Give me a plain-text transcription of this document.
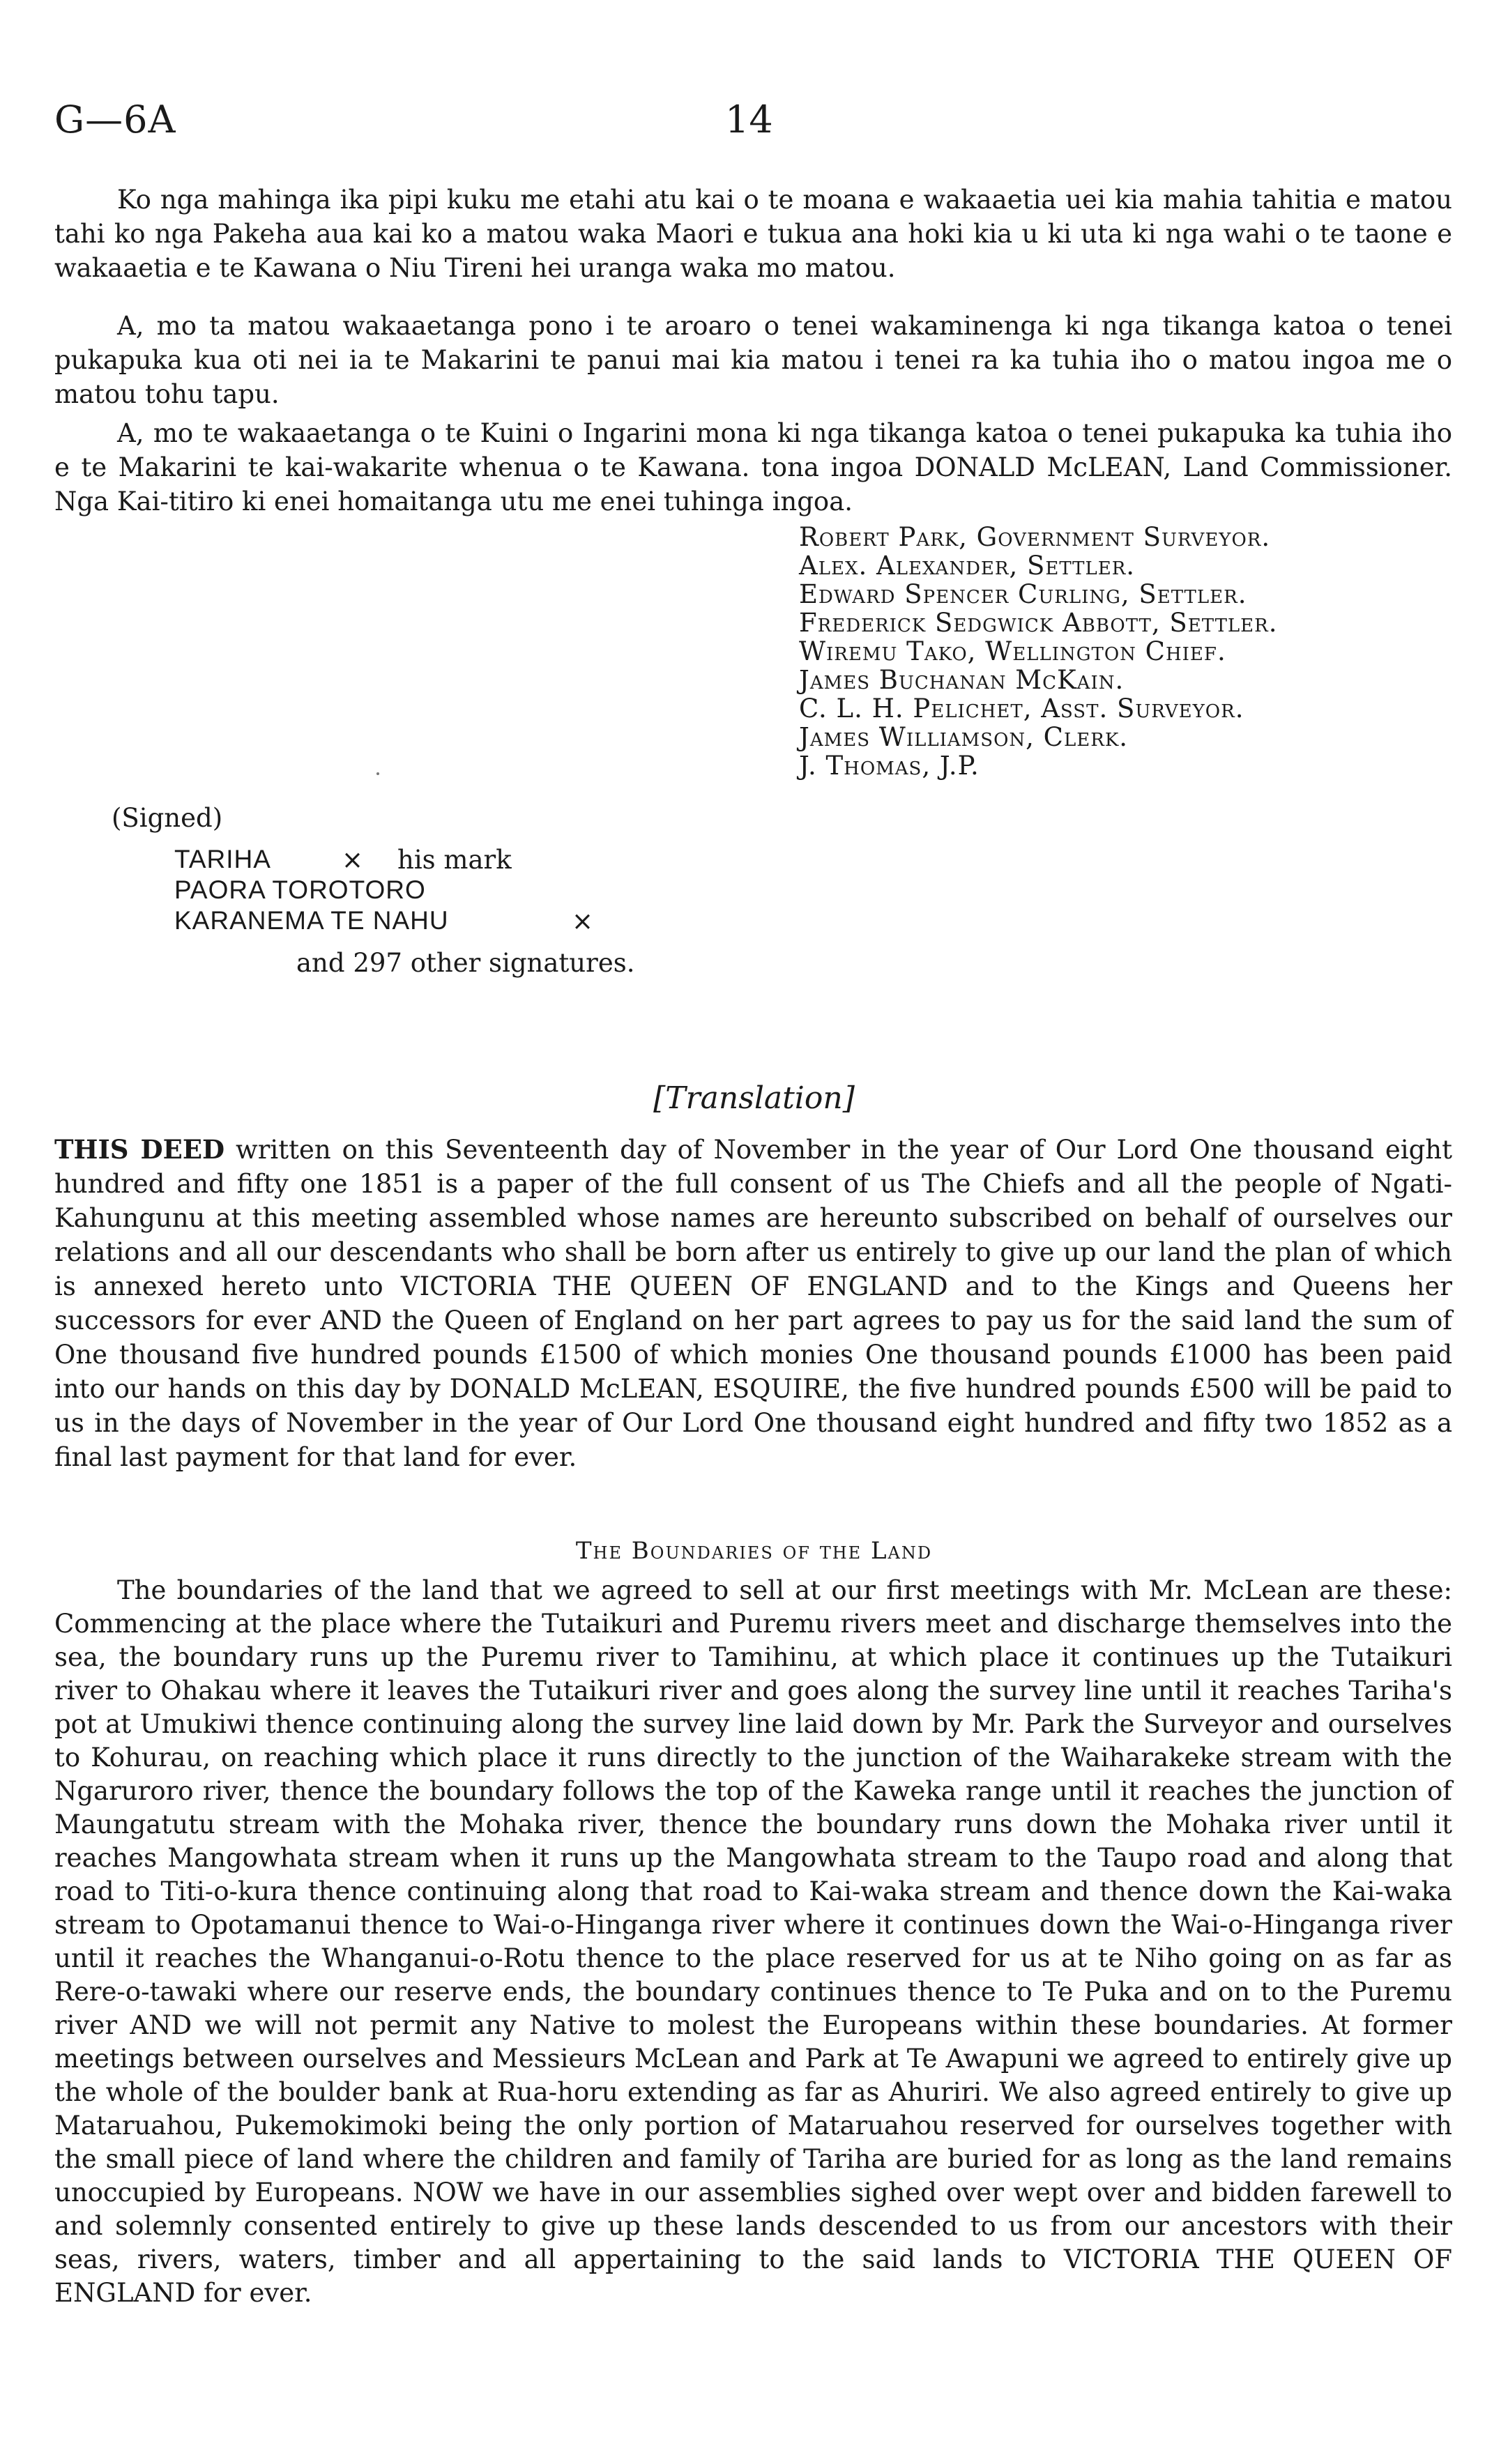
G—6A	14

Ko nga mahinga ika pipi kuku me etahi atu kai o te moana e wakaaetia uei kia mahia tahitia e matou tahi ko nga Pakeha aua kai ko a matou waka Maori e tukua ana hoki kia u ki uta ki nga wahi o te taone e wakaaetia e te Kawana o Niu Tireni hei uranga waka mo matou.

A, mo ta matou wakaaetanga pono i te aroaro o tenei wakaminenga ki nga tikanga katoa o tenei pukapuka kua oti nei ia te Makarini te panui mai kia matou i tenei ra ka tuhia iho o matou ingoa me o matou tohu tapu.

A, mo te wakaaetanga o te Kuini o Ingarini mona ki nga tikanga katoa o tenei pukapuka ka tuhia iho e te Makarini te kai-wakarite whenua o te Kawana. tona ingoa DONALD McLEAN, Land Commissioner. Nga Kai-titiro ki enei homaitanga utu me enei tuhinga ingoa.

Robert Park, Government Surveyor.
Alex. Alexander, Settler.
Edward Spencer Curling, Settler.
Frederick Sedgwick Abbott, Settler.
Wiremu Tako, Wellington Chief.
James Buchanan McKain.
C. L. H. Pelichet, Asst. Surveyor.
James Williamson, Clerk.
J. Thomas, J.P.
(Signed)
TARIHA	× his mark
PAORA TOROTORO
KARANEMA TE NAHU	×
and 297 other signatures.
[Translation]

THIS DEED written on this Seventeenth day of November in the year of Our Lord One thousand eight hundred and fifty one 1851 is a paper of the full consent of us The Chiefs and all the people of Ngati-Kahungunu at this meeting assembled whose names are hereunto subscribed on behalf of ourselves our relations and all our descendants who shall be born after us entirely to give up our land the plan of which is annexed hereto unto VICTORIA THE QUEEN OF ENGLAND and to the Kings and Queens her successors for ever AND the Queen of England on her part agrees to pay us for the said land the sum of One thousand five hundred pounds £1500 of which monies One thousand pounds £1000 has been paid into our hands on this day by DONALD McLEAN, ESQUIRE, the five hundred pounds £500 will be paid to us in the days of November in the year of Our Lord One thousand eight hundred and fifty two 1852 as a final last payment for that land for ever.

The Boundaries of the Land

The boundaries of the land that we agreed to sell at our first meetings with Mr. McLean are these: Commencing at the place where the Tutaikuri and Puremu rivers meet and discharge themselves into the sea, the boundary runs up the Puremu river to Tamihinu, at which place it continues up the Tutaikuri river to Ohakau where it leaves the Tutaikuri river and goes along the survey line until it reaches Tariha's pot at Umukiwi thence continuing along the survey line laid down by Mr. Park the Surveyor and ourselves to Kohurau, on reaching which place it runs directly to the junction of the Waiharakeke stream with the Ngaruroro river, thence the boundary follows the top of the Kaweka range until it reaches the junction of Maungatutu stream with the Mohaka river, thence the boundary runs down the Mohaka river until it reaches Mangowhata stream when it runs up the Mangowhata stream to the Taupo road and along that road to Titi-o-kura thence continuing along that road to Kai-waka stream and thence down the Kai-waka stream to Opotamanui thence to Wai-o-Hinganga river where it continues down the Wai-o-Hinganga river until it reaches the Whanganui-o-Rotu thence to the place reserved for us at te Niho going on as far as Rere-o-tawaki where our reserve ends, the boundary continues thence to Te Puka and on to the Puremu river AND we will not permit any Native to molest the Europeans within these boundaries. At former meetings between ourselves and Messieurs McLean and Park at Te Awapuni we agreed to entirely give up the whole of the boulder bank at Rua-horu extending as far as Ahuriri. We also agreed entirely to give up Mataruahou, Pukemokimoki being the only portion of Mataruahou reserved for ourselves together with the small piece of land where the children and family of Tariha are buried for as long as the land remains unoccupied by Europeans. NOW we have in our assemblies sighed over wept over and bidden farewell to and solemnly consented entirely to give up these lands descended to us from our ancestors with their seas, rivers, waters, timber and all appertaining to the said lands to VICTORIA THE QUEEN OF ENGLAND for ever.
